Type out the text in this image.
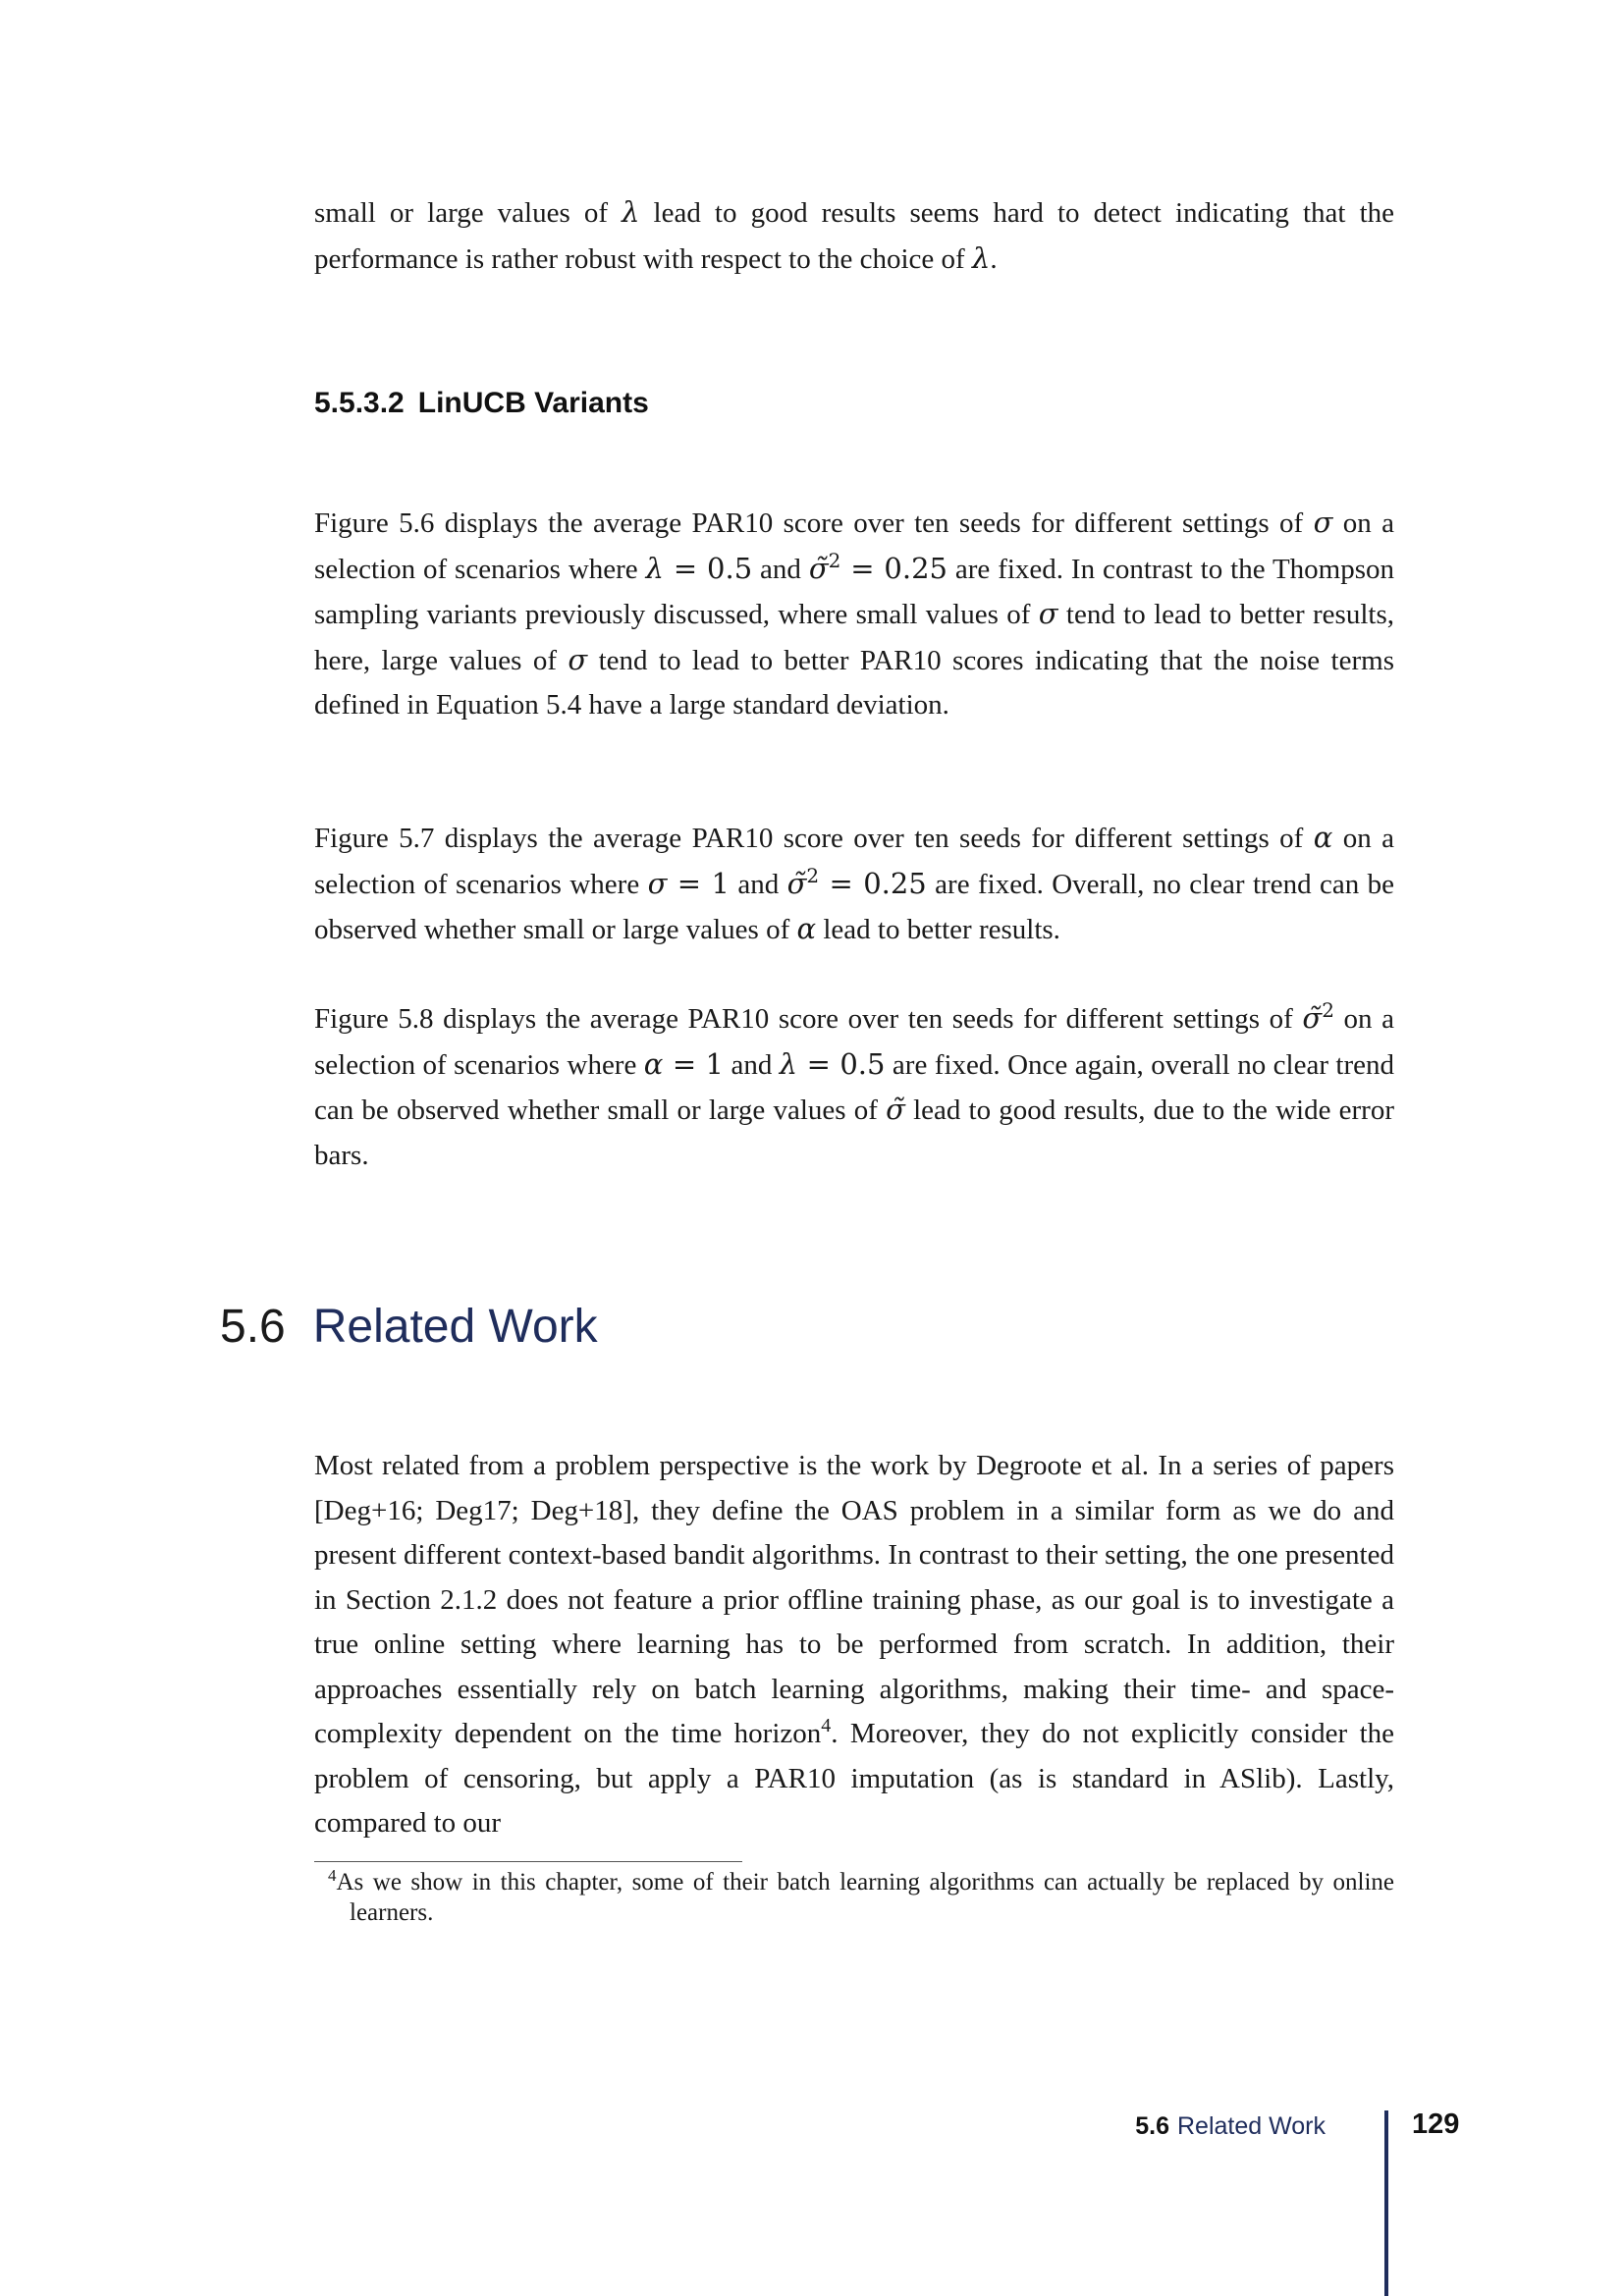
small or large values of λ lead to good results seems hard to detect indicating that the performance is rather robust with respect to the choice of λ.

5.5.3.2 LinUCB Variants

Figure 5.6 displays the average PAR10 score over ten seeds for different settings of σ on a selection of scenarios where λ = 0.5 and σ̃$^2$ = 0.25 are fixed. In contrast to the Thompson sampling variants previously discussed, where small values of σ tend to lead to better results, here, large values of σ tend to lead to better PAR10 scores indicating that the noise terms defined in Equation 5.4 have a large standard deviation.

Figure 5.7 displays the average PAR10 score over ten seeds for different settings of α on a selection of scenarios where σ = 1 and σ̃$^2$ = 0.25 are fixed. Overall, no clear trend can be observed whether small or large values of α lead to better results.

Figure 5.8 displays the average PAR10 score over ten seeds for different settings of σ̃$^2$ on a selection of scenarios where α = 1 and λ = 0.5 are fixed. Once again, overall no clear trend can be observed whether small or large values of σ̃ lead to good results, due to the wide error bars.

5.6 Related Work

Most related from a problem perspective is the work by Degroote et al. In a series of papers [Deg+16; Deg17; Deg+18], they define the OAS problem in a similar form as we do and present different context-based bandit algorithms. In contrast to their setting, the one presented in Section 2.1.2 does not feature a prior offline training phase, as our goal is to investigate a true online setting where learning has to be performed from scratch. In addition, their approaches essentially rely on batch learning algorithms, making their time- and space-complexity dependent on the time horizon$^4$. Moreover, they do not explicitly consider the problem of censoring, but apply a PAR10 imputation (as is standard in ASlib). Lastly, compared to our

$^4$As we show in this chapter, some of their batch learning algorithms can actually be replaced by online learners.

5.6 Related Work	129
